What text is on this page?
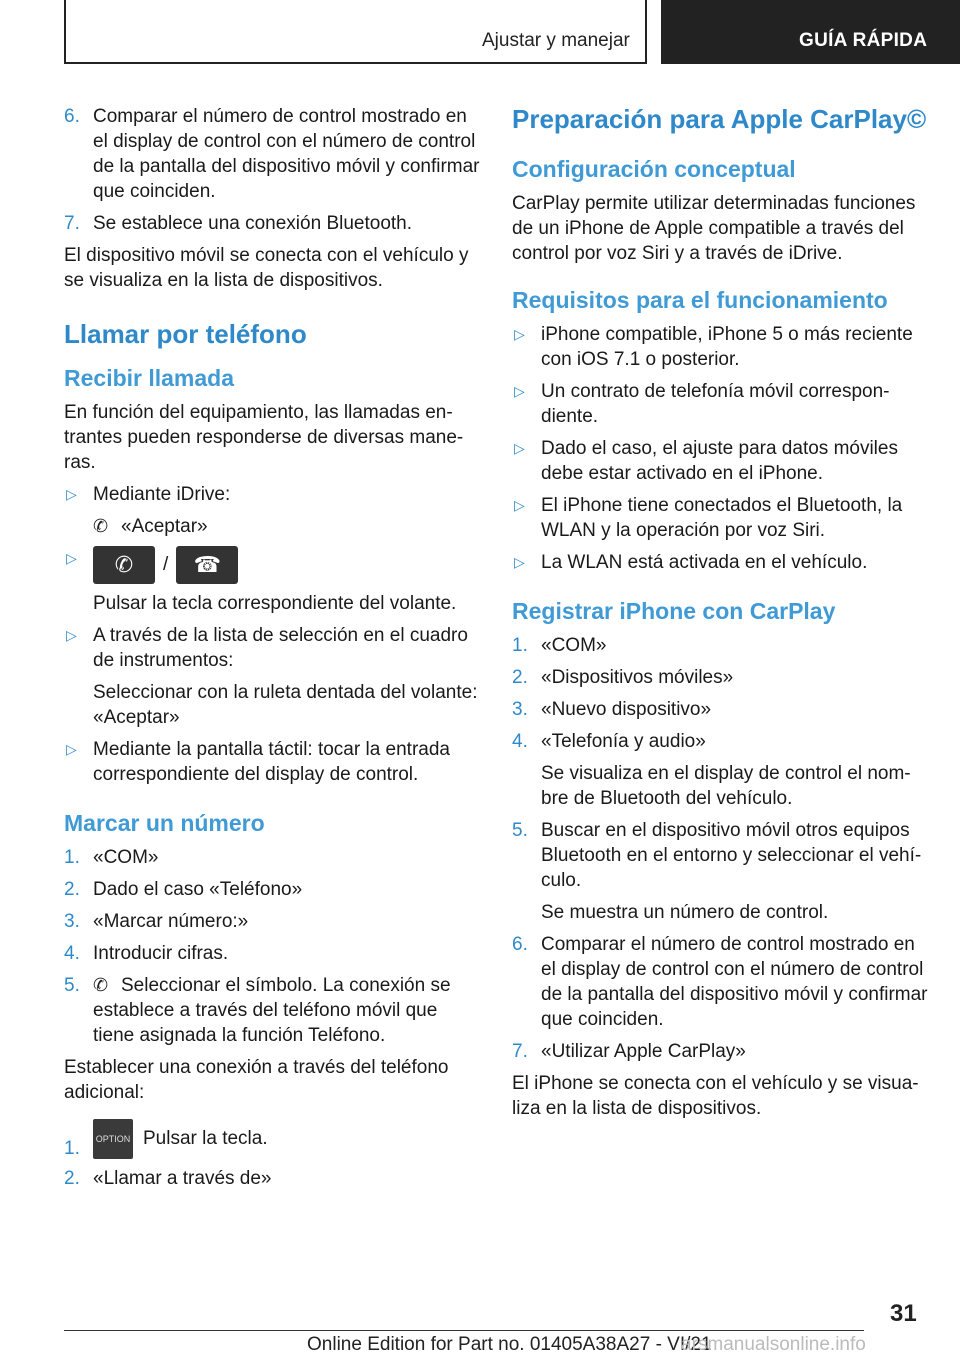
Ajustar y manejar	GUÍA RÁPIDA
6. Comparar el número de control mostrado en el display de control con el número de control de la pantalla del dispositivo móvil y confirmar que coinciden.
7. Se establece una conexión Bluetooth.

El dispositivo móvil se conecta con el vehículo y se visualiza en la lista de dispositivos.

Llamar por teléfono
Recibir llamada

En función del equipamiento, las llamadas en-trantes pueden responderse de diversas mane-ras.

▷ Mediante iDrive:
✆ «Aceptar»
▷ ✆ / ☎
Pulsar la tecla correspondiente del volante.
▷ A través de la lista de selección en el cuadro de instrumentos:
Seleccionar con la ruleta dentada del volante: «Aceptar»
▷ Mediante la pantalla táctil: tocar la entrada correspondiente del display de control.
Marcar un número
1. «COM»
2. Dado el caso «Teléfono»
3. «Marcar número:»
4. Introducir cifras.
5. ✆ Seleccionar el símbolo. La conexión se establece a través del teléfono móvil que tiene asignada la función Teléfono.

Establecer una conexión a través del teléfono adicional:

1. OPTION Pulsar la tecla.
2. «Llamar a través de»
Preparación para Apple CarPlay©
Configuración conceptual

CarPlay permite utilizar determinadas funciones de un iPhone de Apple compatible a través del control por voz Siri y a través de iDrive.

Requisitos para el funcionamiento
▷ iPhone compatible, iPhone 5 o más reciente con iOS 7.1 o posterior.
▷ Un contrato de telefonía móvil correspon-diente.
▷ Dado el caso, el ajuste para datos móviles debe estar activado en el iPhone.
▷ El iPhone tiene conectados el Bluetooth, la WLAN y la operación por voz Siri.
▷ La WLAN está activada en el vehículo.
Registrar iPhone con CarPlay
1. «COM»
2. «Dispositivos móviles»
3. «Nuevo dispositivo»
4. «Telefonía y audio»
Se visualiza en el display de control el nom-bre de Bluetooth del vehículo.
5. Buscar en el dispositivo móvil otros equipos Bluetooth en el entorno y seleccionar el vehí-culo.
Se muestra un número de control.
6. Comparar el número de control mostrado en el display de control con el número de control de la pantalla del dispositivo móvil y confirmar que coinciden.
7. «Utilizar Apple CarPlay»

El iPhone se conecta con el vehículo y se visua-liza en la lista de dispositivos.

31
Online Edition for Part no. 01405A38A27 - VI/21
arsmanualsonline.info
